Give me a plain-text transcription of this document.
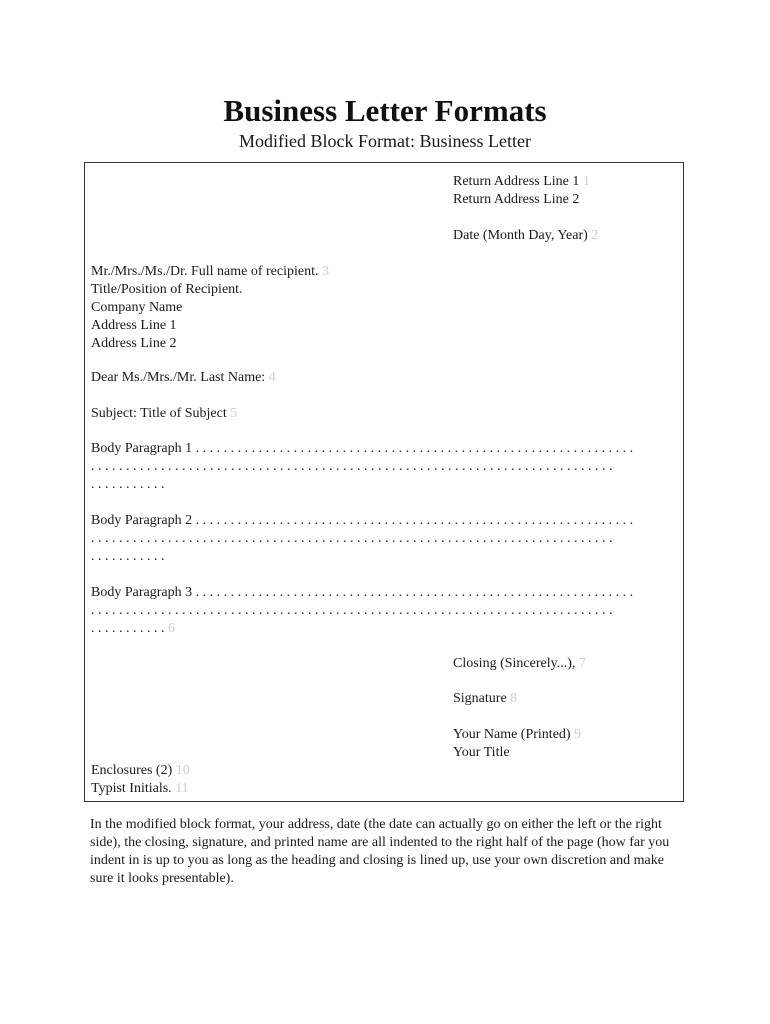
Business Letter Formats
Modified Block Format: Business Letter
Return Address Line 1 1
Return Address Line 2
Date (Month Day, Year) 2
Mr./Mrs./Ms./Dr. Full name of recipient. 3
Title/Position of Recipient.
Company Name
Address Line 1
Address Line 2
Dear Ms./Mrs./Mr. Last Name: 4
Subject: Title of Subject 5
Body Paragraph 1 . . . . . . . . . . . . . . . . . . . . . . . . . . . . . . . . . . . . . . . . . . . . . . . . . . . . . . . . . . . . . . .
. . . . . . . . . . . . . . . . . . . . . . . . . . . . . . . . . . . . . . . . . . . . . . . . . . . . . . . . . . . . . . . . . . . . . . . . . . .
. . . . . . . . . . .
Body Paragraph 2 . . . . . . . . . . . . . . . . . . . . . . . . . . . . . . . . . . . . . . . . . . . . . . . . . . . . . . . . . . . . . . .
. . . . . . . . . . . . . . . . . . . . . . . . . . . . . . . . . . . . . . . . . . . . . . . . . . . . . . . . . . . . . . . . . . . . . . . . . . .
. . . . . . . . . . .
Body Paragraph 3 . . . . . . . . . . . . . . . . . . . . . . . . . . . . . . . . . . . . . . . . . . . . . . . . . . . . . . . . . . . . . . .
. . . . . . . . . . . . . . . . . . . . . . . . . . . . . . . . . . . . . . . . . . . . . . . . . . . . . . . . . . . . . . . . . . . . . . . . . . .
. . . . . . . . . . . 6
Closing (Sincerely...), 7
Signature 8
Your Name (Printed) 9
Your Title
Enclosures (2) 10
Typist Initials. 11
In the modified block format, your address, date (the date can actually go on either the left or the right side), the closing, signature, and printed name are all indented to the right half of the page (how far you indent in is up to you as long as the heading and closing is lined up, use your own discretion and make sure it looks presentable).
